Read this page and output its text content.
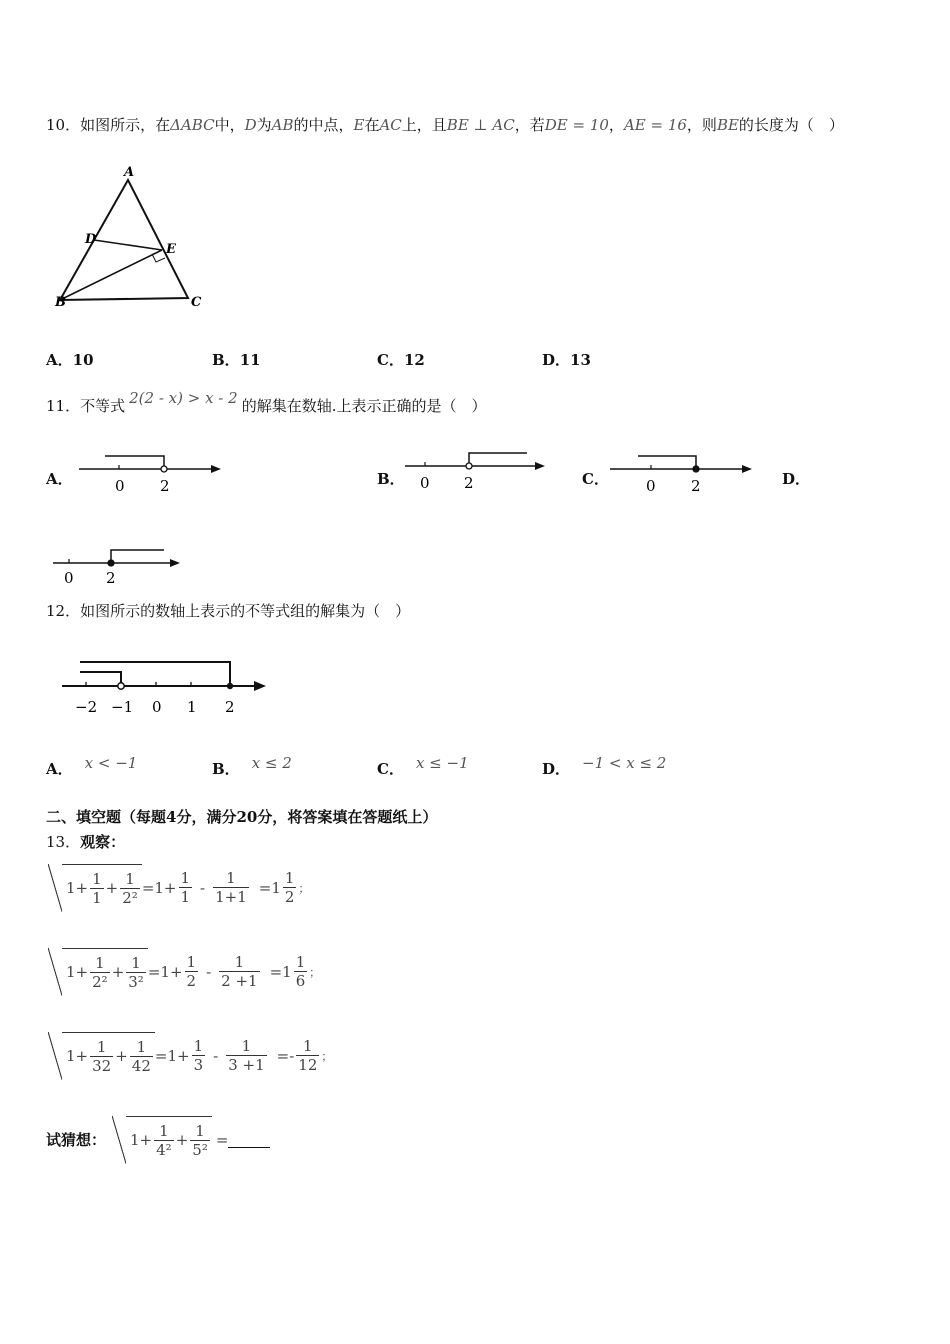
10．如图所示，在ΔABC中，D为AB的中点，E在AC上，且BE ⊥ AC，若DE = 10，AE = 16，则BE的长度为（　）
A
D
E
B	C
A．10	B．11	C．12	D．13
11．不等式 2(2 - x) > x - 2 的解集在数轴.上表示正确的是（　）
A．	0 2	B． 0 2	C． 0 2	D．
0 2
12．如图所示的数轴上表示的不等式组的解集为（　）
−2 −1 0 1 2
A． x < −1	B． x ≤ 2	C． x ≤ −1	D． −1 < x ≤ 2
二、填空题（每题4分，满分20分，将答案填在答题纸上）
13．观察：
$1+ \frac{1}{1} + \frac{1}{\text{2²}} =1+ \frac{1}{1} - \frac{1}{1+1} =1 \frac{1}{2}$ ；
$1+ \frac{1}{\text{2²}} + \frac{1}{\text{3²}} =1+ \frac{1}{2} - \frac{1}{2 +1} =1 \frac{1}{6}$ ；
$1+ \frac{1}{32} + \frac{1}{42} =1+ \frac{1}{3} - \frac{1}{3 +1} =- \frac{1}{12}$ ；
试猜想： $1+ \frac{1}{\text{4²}} + \frac{1}{\text{5²}}$ =
